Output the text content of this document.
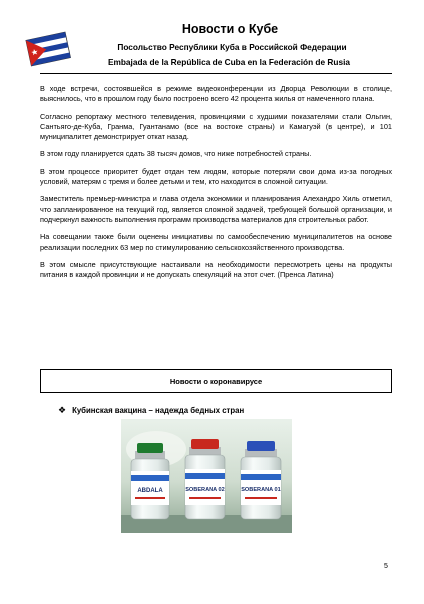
Новости о Кубе
Посольство Республики Куба в Российской Федерации
Embajada de la República de Cuba en la Federación de Rusia

В ходе встречи, состоявшейся в режиме видеоконференции из Дворца Революции в столице, выяснилось, что в прошлом году было построено всего 42 процента жилья от намеченного плана.

Согласно репортажу местного телевидения, провинциями с худшими показателями стали Ольгин, Сантьяго-де-Куба, Гранма, Гуантанамо (все на востоке страны) и Камагуэй (в центре), и 101 муниципалитет демонстрирует откат назад.

В этом году планируется сдать 38 тысяч домов, что ниже потребностей страны.

В этом процессе приоритет будет отдан тем людям, которые потеряли свои дома из-за погодных условий, матерям с тремя и более детьми и тем, кто находится в сложной ситуации.

Заместитель премьер-министра и глава отдела экономики и планирования Алехандро Хиль отметил, что запланированное на текущий год, является сложной задачей, требующей большой организации, и подчеркнул важность выполнения программ производства материалов для строительных работ.

На совещании также были оценены инициативы по самообеспечению муниципалитетов на основе реализации последних 63 мер по стимулированию сельскохозяйственного производства.

В этом смысле присутствующие настаивали на необходимости пересмотреть цены на продукты питания в каждой провинции и не допускать спекуляций на этот счет. (Пренса Латина)

Новости о коронавирусе
❖ Кубинская вакцина – надежда бедных стран
ABDALA	SOBERANA 02	SOBERANA 01
5
